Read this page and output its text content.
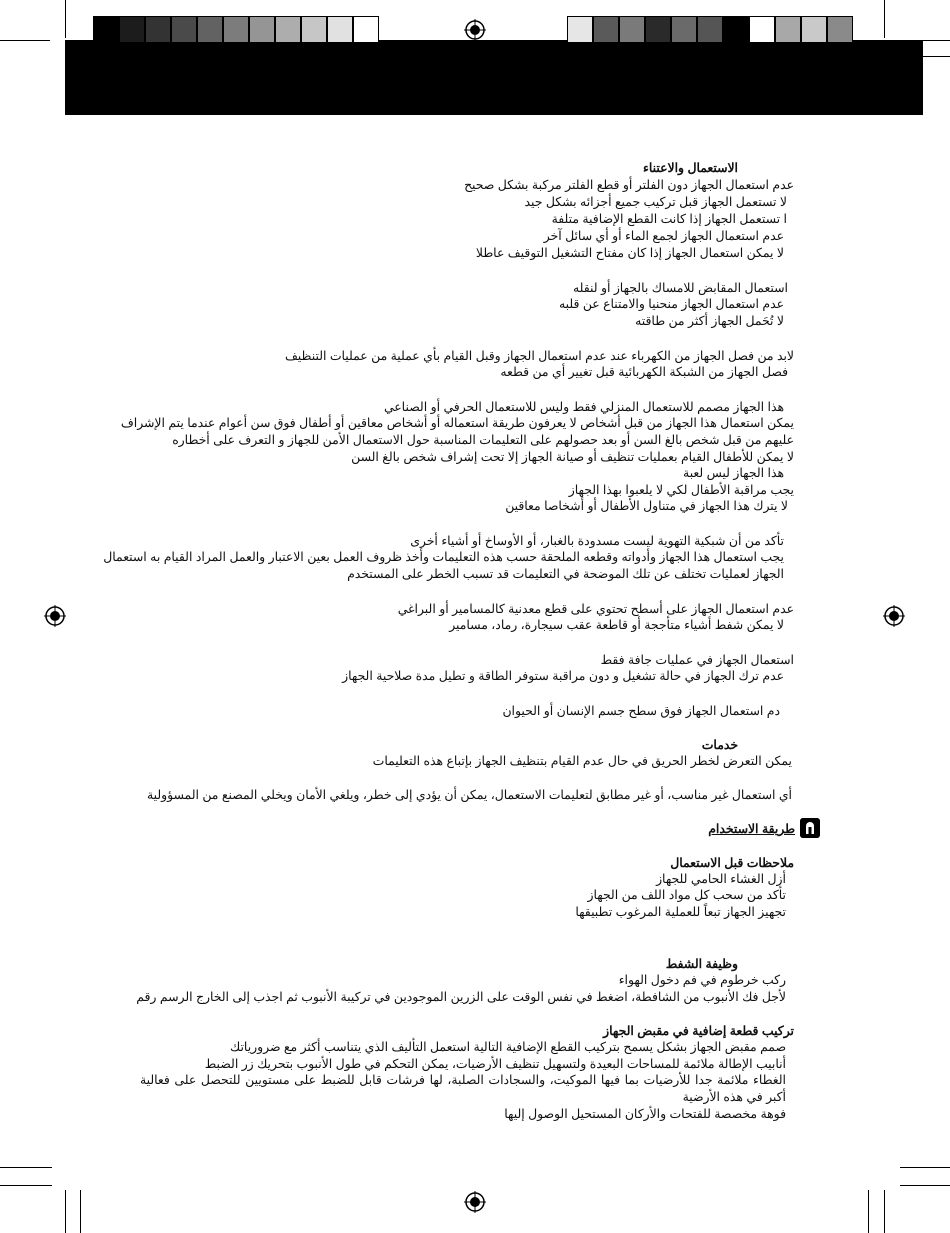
الاستعمال والاعتناء
عدم استعمال الجهاز دون الفلتر أو قطع الفلتر مركبة بشكل صحيح
لا تستعمل الجهاز قبل تركيب جميع أجزائه بشكل جيد
ا تستعمل الجهاز إذا كانت القطع الإضافية متلفة
عدم استعمال الجهاز لجمع الماء أو أي سائل آخر
لا يمكن استعمال الجهاز إذا كان مفتاح التشغيل التوقيف عاطلا
استعمال المقابض للامساك بالجهاز أو لنقله
عدم استعمال الجهاز منحنيا والامتناع عن قلبه
لا تُحَمل الجهاز أكثر من طاقته
لابد من فصل الجهاز من الكهرباء عند عدم استعمال الجهاز وقبل القيام بأي عملية من عمليات التنظيف
فصل الجهاز من الشبكة الكهربائية قبل تغيير أي من قطعه
هذا الجهاز مصمم للاستعمال المنزلي فقط وليس للاستعمال الحرفي أو الصناعي
يمكن استعمال هذا الجهاز من قبل أشخاص لا يعرفون طريقة استعماله أو أشخاص معاقين أو أطفال فوق سن أعوام عندما يتم الإشراف
عليهم من قبل شخص بالغ السن أو بعد حصولهم على التعليمات المناسبة حول الاستعمال الأمن للجهاز و التعرف على أخطاره
لا يمكن للأطفال القيام بعمليات تنظيف أو صيانة الجهاز إلا تحت إشراف شخص بالغ السن
هذا الجهاز ليس لعبة
يجب مراقبة الأطفال لكي لا يلعبوا بهذا الجهاز
لا يترك هذا الجهاز في متناول الأطفال أو أشخاصا معاقين
تأكد من أن شبكية التهوية ليست مسدودة بالغبار، أو الأوساخ أو أشياء أخرى
يجب استعمال هذا الجهاز وأدواته وقطعه الملحقة حسب هذه التعليمات وأخذ ظروف العمل بعين الاعتبار والعمل المراد القيام به استعمال
الجهاز لعمليات تختلف عن تلك الموضحة في التعليمات قد تسبب الخطر على المستخدم
عدم استعمال الجهاز على أسطح تحتوي على قطع معدنية كالمسامير أو البراغي
لا يمكن شفط أشياء متأججة أو قاطعة عقب سيجارة، رماد، مسامير
استعمال الجهاز في عمليات جافة فقط
عدم ترك الجهاز في حالة تشغيل و دون مراقبة ستوفر الطاقة و تطيل مدة صلاحية الجهاز
دم استعمال الجهاز فوق سطح جسم الإنسان أو الحيوان
خدمات
يمكن التعرض لخطر الحريق في حال عدم القيام بتنظيف الجهاز بإتباع هذه التعليمات
أي استعمال غير مناسب، أو غير مطابق لتعليمات الاستعمال، يمكن أن يؤدي إلى خطر، ويلغي الأمان ويخلي المصنع من المسؤولية
طريقة الاستخدام
ملاحظات قبل الاستعمال
أزل الغشاء الحامي للجهاز
تأكد من سحب كل مواد اللف من الجهاز
تجهيز الجهاز تبعاً للعملية المرغوب تطبيقها
وظيفة الشفط
ركب خرطوم في فم دخول الهواء
لأجل فك الأنبوب من الشافطة، اضغط في نفس الوقت على الزرين الموجودين في تركيبة الأنبوب ثم اجذب إلى الخارج الرسم رقم
تركيب قطعة إضافية في مقبض الجهاز
صمم مقبض الجهاز بشكل يسمح بتركيب القطع الإضافية التالية استعمل التأليف الذي يتناسب أكثر مع ضرورياتك
أنابيب الإطالة ملائمة للمساحات البعيدة ولتسهيل تنظيف الأرضيات، يمكن التحكم في طول الأنبوب بتحريك زر الضبط
الغطاء ملائمة جدا للأرضيات بما فيها الموكيت، والسجادات الصلبة، لها فرشات قابل للضبط على مستويين للتحصل على فعالية أكبر في هذه الأرضية
فوهة مخصصة للفتحات والأركان المستحيل الوصول إليها
